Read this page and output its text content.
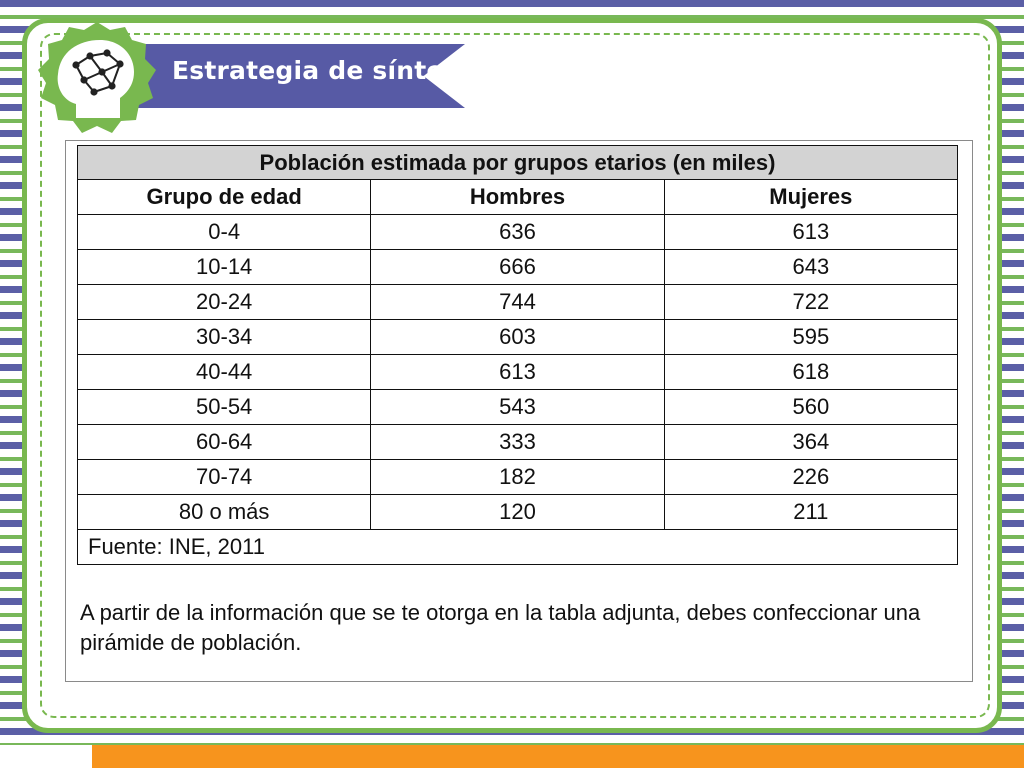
Estrategia de síntesis
Población estimada por grupos etarios (en miles)		
Grupo de edad	Hombres	Mujeres
0-4	636	613
10-14	666	643
20-24	744	722
30-34	603	595
40-44	613	618
50-54	543	560
60-64	333	364
70-74	182	226
80 o más	120	211
Fuente: INE, 2011		
A partir de la información que se te otorga en la tabla adjunta, debes confeccionar una pirámide de población.
